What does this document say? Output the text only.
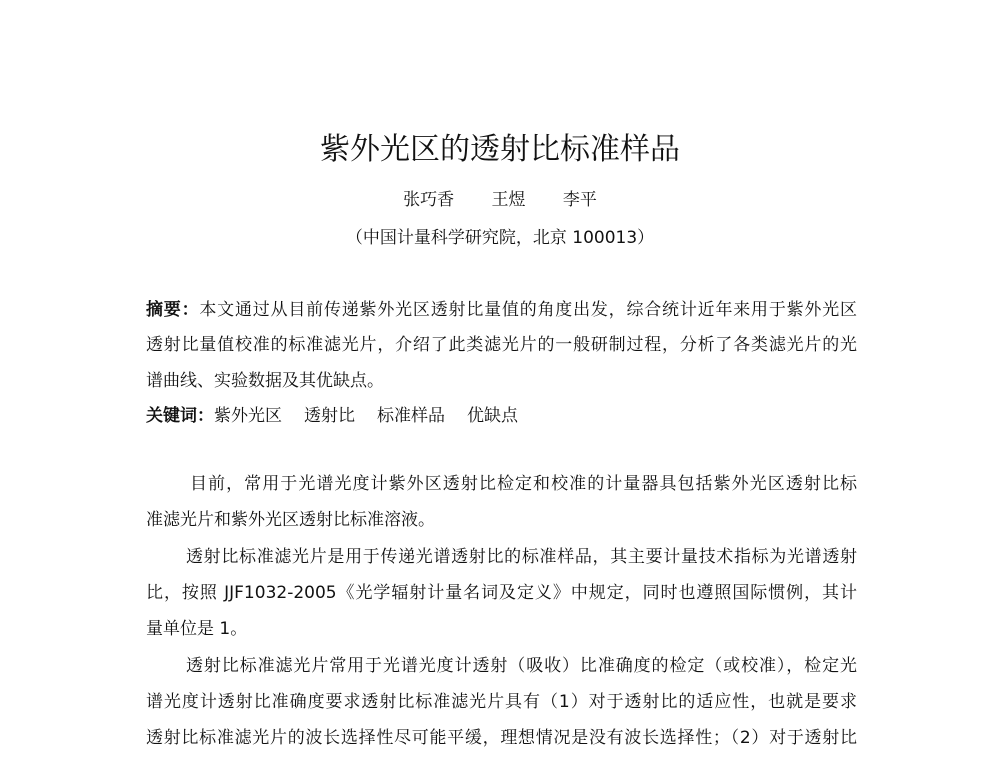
紫外光区的透射比标准样品
张巧香 王煜 李平
（中国计量科学研究院，北京 100013）
摘要：本文通过从目前传递紫外光区透射比量值的角度出发，综合统计近年来用于紫外光区
透射比量值校准的标准滤光片，介绍了此类滤光片的一般研制过程，分析了各类滤光片的光
谱曲线、实验数据及其优缺点。
关键词：紫外光区 透射比 标准样品 优缺点
目前，常用于光谱光度计紫外区透射比检定和校准的计量器具包括紫外光区透射比标
准滤光片和紫外光区透射比标准溶液。
透射比标准滤光片是用于传递光谱透射比的标准样品，其主要计量技术指标为光谱透射
比，按照 JJF1032-2005《光学辐射计量名词及定义》中规定，同时也遵照国际惯例，其计
量单位是 1。
透射比标准滤光片常用于光谱光度计透射（吸收）比准确度的检定（或校准），检定光
谱光度计透射比准确度要求透射比标准滤光片具有（1）对于透射比的适应性，也就是要求
透射比标准滤光片的波长选择性尽可能平缓，理想情况是没有波长选择性；（2）对于透射比
